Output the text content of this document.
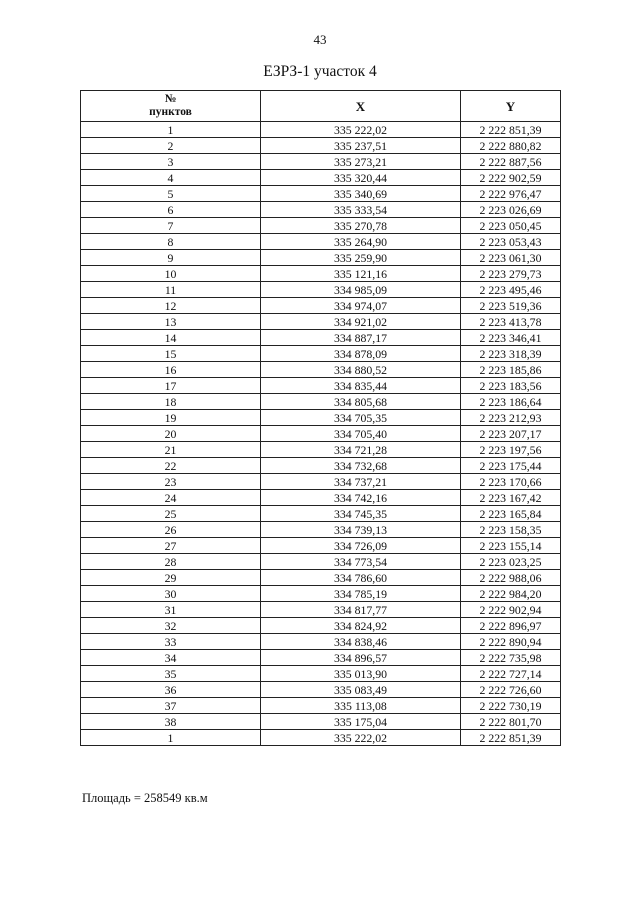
43
ЕЗРЗ-1 участок 4
№
пунктов	X	Y
1	335 222,02	2 222 851,39
2	335 237,51	2 222 880,82
3	335 273,21	2 222 887,56
4	335 320,44	2 222 902,59
5	335 340,69	2 222 976,47
6	335 333,54	2 223 026,69
7	335 270,78	2 223 050,45
8	335 264,90	2 223 053,43
9	335 259,90	2 223 061,30
10	335 121,16	2 223 279,73
11	334 985,09	2 223 495,46
12	334 974,07	2 223 519,36
13	334 921,02	2 223 413,78
14	334 887,17	2 223 346,41
15	334 878,09	2 223 318,39
16	334 880,52	2 223 185,86
17	334 835,44	2 223 183,56
18	334 805,68	2 223 186,64
19	334 705,35	2 223 212,93
20	334 705,40	2 223 207,17
21	334 721,28	2 223 197,56
22	334 732,68	2 223 175,44
23	334 737,21	2 223 170,66
24	334 742,16	2 223 167,42
25	334 745,35	2 223 165,84
26	334 739,13	2 223 158,35
27	334 726,09	2 223 155,14
28	334 773,54	2 223 023,25
29	334 786,60	2 222 988,06
30	334 785,19	2 222 984,20
31	334 817,77	2 222 902,94
32	334 824,92	2 222 896,97
33	334 838,46	2 222 890,94
34	334 896,57	2 222 735,98
35	335 013,90	2 222 727,14
36	335 083,49	2 222 726,60
37	335 113,08	2 222 730,19
38	335 175,04	2 222 801,70
1	335 222,02	2 222 851,39
Площадь = 258549 кв.м
